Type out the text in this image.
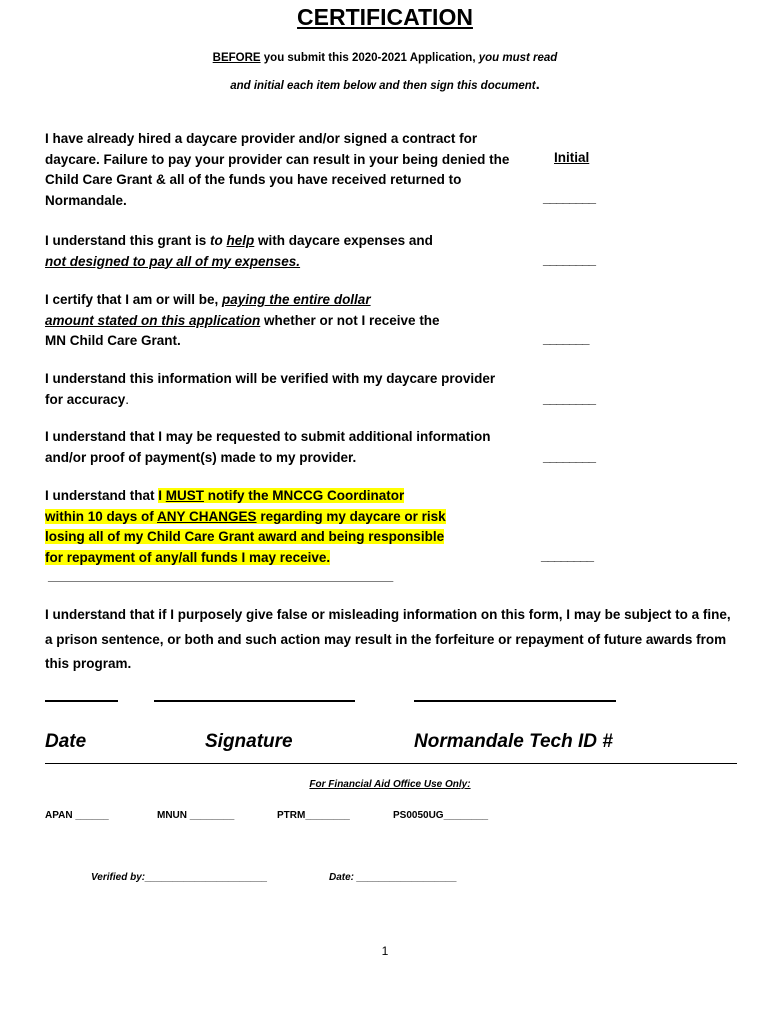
CERTIFICATION
BEFORE you submit this 2020-2021 Application, you must read
and initial each item below and then sign this document.
Initial
I have already hired a daycare provider and/or signed a contract for daycare. Failure to pay your provider can result in your being denied the Child Care Grant & all of the funds you have received returned to Normandale.	________
I understand this grant is to help with daycare expenses and
not designed to pay all of my expenses.	________
I certify that I am or will be, paying the entire dollar
amount stated on this application whether or not I receive the
MN Child Care Grant.	_______
I understand this information will be verified with my daycare provider for accuracy.	________
I understand that I may be requested to submit additional information and/or proof of payment(s) made to my provider.	________
I understand that I MUST notify the MNCCG Coordinator
within 10 days of ANY CHANGES regarding my daycare or risk
losing all of my Child Care Grant award and being responsible
for repayment of any/all funds I may receive.	________
__________________________________________________________
I understand that if I purposely give false or misleading information on this form, I may be subject to a fine, a prison sentence, or both and such action may result in the forfeiture or repayment of future awards from this program.
Date	Signature	Normandale Tech ID #
For Financial Aid Office Use Only:
APAN ______	MNUN ________	PTRM________	PS0050UG________
Verified by:______________________	Date: __________________
1
